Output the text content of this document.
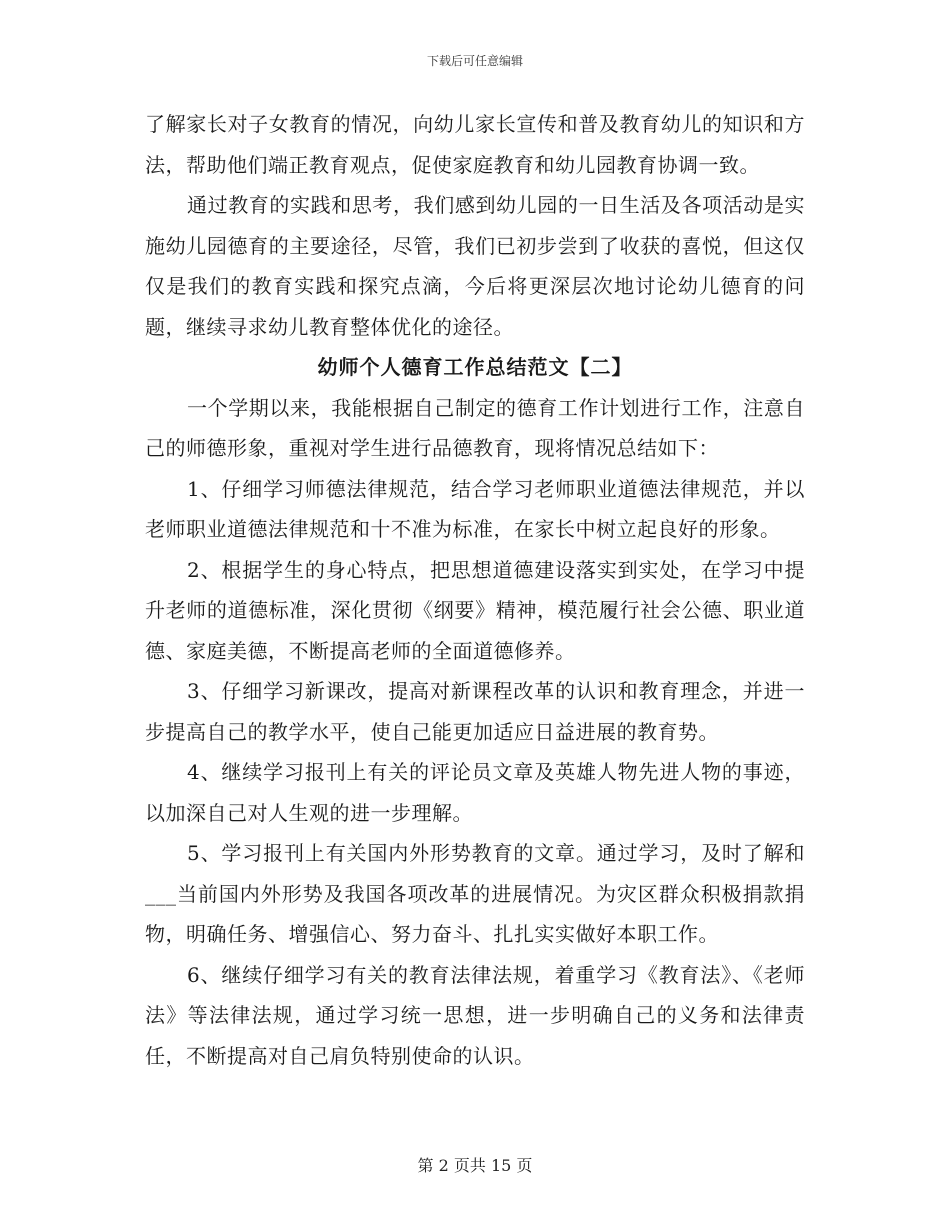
下载后可任意编辑

了解家长对子女教育的情况，向幼儿家长宣传和普及教育幼儿的知识和方法，帮助他们端正教育观点，促使家庭教育和幼儿园教育协调一致。

通过教育的实践和思考，我们感到幼儿园的一日生活及各项活动是实施幼儿园德育的主要途径，尽管，我们已初步尝到了收获的喜悦，但这仅仅是我们的教育实践和探究点滴，今后将更深层次地讨论幼儿德育的问题，继续寻求幼儿教育整体优化的途径。

幼师个人德育工作总结范文【二】

一个学期以来，我能根据自己制定的德育工作计划进行工作，注意自己的师德形象，重视对学生进行品德教育，现将情况总结如下：

1、仔细学习师德法律规范，结合学习老师职业道德法律规范，并以老师职业道德法律规范和十不准为标准，在家长中树立起良好的形象。

2、根据学生的身心特点，把思想道德建设落实到实处，在学习中提升老师的道德标准，深化贯彻《纲要》精神，模范履行社会公德、职业道德、家庭美德，不断提高老师的全面道德修养。

3、仔细学习新课改，提高对新课程改革的认识和教育理念，并进一步提高自己的教学水平，使自己能更加适应日益进展的教育势。

4、继续学习报刊上有关的评论员文章及英雄人物先进人物的事迹，以加深自己对人生观的进一步理解。

5、学习报刊上有关国内外形势教育的文章。通过学习，及时了解和___当前国内外形势及我国各项改革的进展情况。为灾区群众积极捐款捐物，明确任务、增强信心、努力奋斗、扎扎实实做好本职工作。

6、继续仔细学习有关的教育法律法规，着重学习《教育法》、《老师法》等法律法规，通过学习统一思想，进一步明确自己的义务和法律责任，不断提高对自己肩负特别使命的认识。

第 2 页共 15 页
